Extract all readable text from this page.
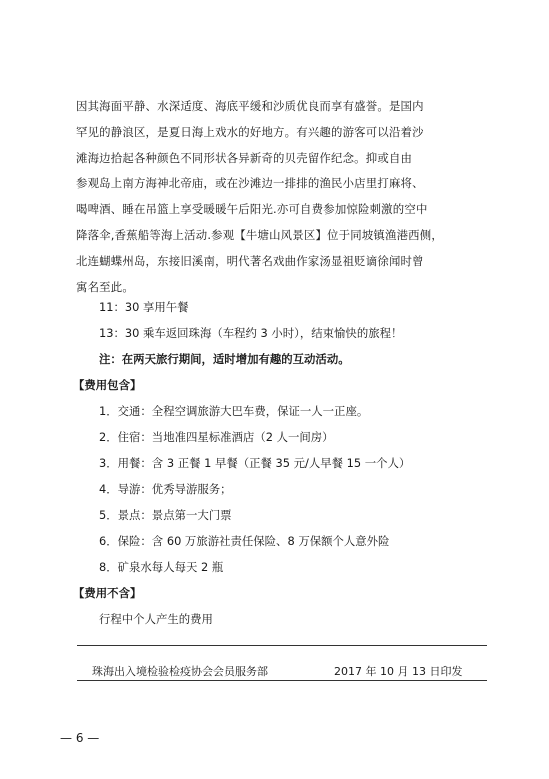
因其海面平静、水深适度、海底平缓和沙质优良而享有盛誉。是国内
罕见的静浪区，是夏日海上戏水的好地方。有兴趣的游客可以沿着沙
滩海边拾起各种颜色不同形状各异新奇的贝壳留作纪念。抑或自由
参观岛上南方海神北帝庙，或在沙滩边一排排的渔民小店里打麻将、
喝啤酒、睡在吊篮上享受暖暖午后阳光.亦可自费参加惊险刺激的空中
降落伞,香蕉船等海上活动.参观【牛塘山风景区】位于同坡镇渔港西侧，
北连蝴蝶州岛，东接旧溪南，明代著名戏曲作家汤显祖贬谪徐闻时曾
寓名至此。
11：30 享用午餐
13：30 乘车返回珠海（车程约 3 小时），结束愉快的旅程！
注：在两天旅行期间，适时增加有趣的互动活动。
【费用包含】
1．交通：全程空调旅游大巴车费，保证一人一正座。
2．住宿：当地准四星标准酒店（2 人一间房）
3．用餐：含 3 正餐 1 早餐（正餐 35 元/人早餐 15 一个人）
4．导游：优秀导游服务；
5．景点：景点第一大门票
6．保险：含 60 万旅游社责任保险、8 万保额个人意外险
8．矿泉水每人每天 2 瓶
【费用不含】
行程中个人产生的费用
珠海出入境检验检疫协会会员服务部	2017 年 10 月 13 日印发
— 6 —
